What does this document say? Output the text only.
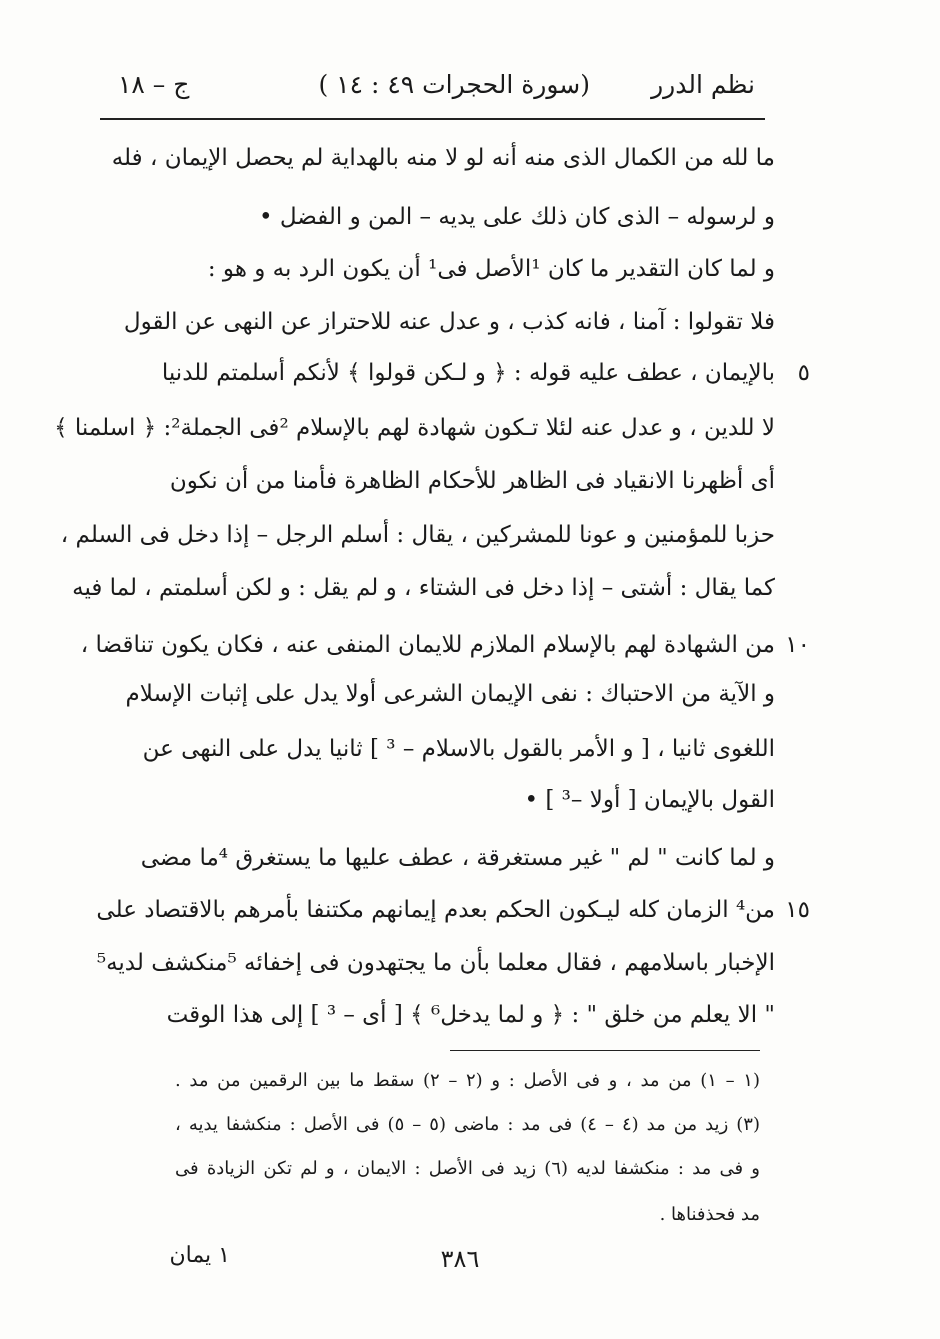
نظم الدرر
(سورة الحجرات ٤٩ : ١٤ )
ج – ١٨
ما لله من الكمال الذى منه أنه لو لا منه بالهداية لم يحصل الإيمان ، فله
و لرسوله – الذى كان ذلك على يديه – المن و الفضل •
و لما كان التقدير ما كان ¹الأصل فى¹ أن يكون الرد به و هو :
فلا تقولوا : آمنا ، فانه كذب ، و عدل عنه للاحتراز عن النهى عن القول
بالإيمان ، عطف عليه قوله : ﴿ و لـكن قولوا ﴾ لأنكم أسلمتم للدنيا
لا للدين ، و عدل عنه لئلا تـكون شهادة لهم بالإسلام ²فى الجملة²: ﴿ اسلمنا ﴾
أى أظهرنا الانقياد فى الظاهر للأحكام الظاهرة فأمنا من أن نكون
حزبا للمؤمنين و عونا للمشركين ، يقال : أسلم الرجل – إذا دخل فى السلم ،
كما يقال : أشتى – إذا دخل فى الشتاء ، و لم يقل : و لكن أسلمتم ، لما فيه
من الشهادة لهم بالإسلام الملازم للايمان المنفى عنه ، فكان يكون تناقضا ،
و الآية من الاحتباك : نفى الإيمان الشرعى أولا يدل على إثبات الإسلام
اللغوى ثانيا ، [ و الأمر بالقول بالاسلام – ³ ] ثانيا يدل على النهى عن
القول بالإيمان [ أولا –³ ] •
و لما كانت " لم " غير مستغرقة ، عطف عليها ما يستغرق ⁴ما مضى
من⁴ الزمان كله ليـكون الحكم بعدم إيمانهم مكتنفا بأمرهم بالاقتصاد على
الإخبار باسلامهم ، فقال معلما بأن ما يجتهدون فى إخفائه ⁵منكشف لديه⁵
" الا يعلم من خلق " : ﴿ و لما يدخل⁶ ﴾ [ أى – ³ ] إلى هذا الوقت
٥
١٠
١٥
(١ – ١) من مد ، و فى الأصل : و (٢ – ٢) سقط ما بين الرقمين من مد .
(٣) زيد من مد (٤ – ٤) فى مد : ماضى (٥ – ٥) فى الأصل : منكشفا يديه ،
و فى مد : منكشفا لديه (٦) زيد فى الأصل : الايمان ، و لم تكن الزيادة فى
مد فحذفناها .
٣٨٦
١ يمان
